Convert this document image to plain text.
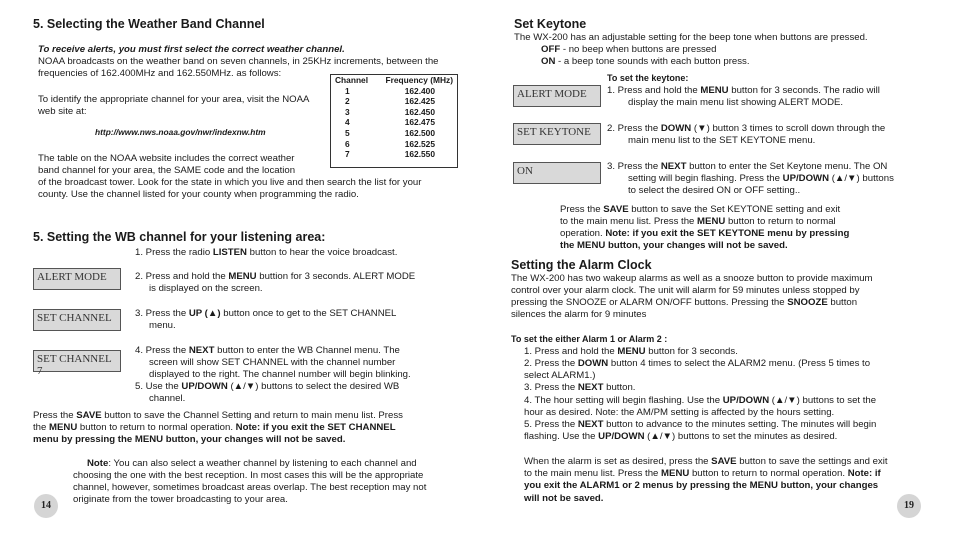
5. Selecting the Weather Band Channel
To receive alerts, you must first select the correct weather channel.
NOAA broadcasts on the weather band on seven channels, in 25KHz increments, between the
frequencies of 162.400MHz and 162.550MHz. as follows:
To identify the appropriate channel for your area, visit the NOAA
web site at:
http://www.nws.noaa.gov/nwr/indexnw.htm
The table on the NOAA website includes the correct weather
band channel for your area, the SAME code and the location
of the broadcast tower. Look for the state in which you live and then search the list for your
county. Use the channel listed for your county when programming the radio.
Channel	Frequency (MHz)
1	162.400
2	162.425
3	162.450
4	162.475
5	162.500
6	162.525
7	162.550
5. Setting the WB channel for your listening area:
1. Press the radio LISTEN button to hear the voice broadcast.
ALERT MODE	2. Press and hold the MENU buttion for 3 seconds. ALERT MODE
is displayed on the screen.
SET CHANNEL	3. Press the UP (▲) button once to get to the SET CHANNEL
menu.
SET CHANNEL 7
4. Press the NEXT button to enter the WB Channel menu. The
screen will show SET CHANNEL with the channel number
displayed to the right. The channel number will begin blinking.
5. Use the UP/DOWN (▲/▼) buttons to select the desired WB
channel.
Press the SAVE button to save the Channel Setting and return to main menu list. Press
the MENU button to return to normal operation. Note: if you exit the SET CHANNEL
menu by pressing the MENU button, your changes will not be saved.
Note: You can also select a weather channel by listening to each channel and
choosing the one with the best reception. In most cases this will be the appropriate
channel, however, sometimes broadcast areas overlap. The best reception may not
originate from the tower broadcasting to your area.
14
Set Keytone
The WX-200 has an adjustable setting for the beep tone when buttons are pressed.
OFF - no beep when buttons are pressed
ON - a beep tone sounds with each button press.
To set the keytone:
ALERT MODE	1. Press and hold the MENU button for 3 seconds. The radio will
display the main menu list showing ALERT MODE.
SET KEYTONE	2. Press the DOWN (▼) button 3 times to scroll down through the
main menu list to the SET KEYTONE menu.
ON	3. Press the NEXT button to enter the Set Keytone menu. The ON
setting will begin flashing. Press the UP/DOWN (▲/▼) buttons
to select the desired ON or OFF setting..
Press the SAVE button to save the Set KEYTONE setting and exit
to the main menu list. Press the MENU button to return to normal
operation. Note: if you exit the SET KEYTONE menu by pressing
the MENU button, your changes will not be saved.
Setting the Alarm Clock
The WX-200 has two wakeup alarms as well as a snooze button to provide maximum
control over your alarm clock. The unit will alarm for 59 minutes unless stopped by
pressing the SNOOZE or ALARM ON/OFF buttons. Pressing the SNOOZE button
silences the alarm for 9 minutes
To set the either Alarm 1 or Alarm 2 :
1. Press and hold the MENU button for 3 seconds.
2. Press the DOWN button 4 times to select the ALARM2 menu. (Press 5 times to
select ALARM1.)
3. Press the NEXT button.
4. The hour setting will begin flashing. Use the UP/DOWN (▲/▼) buttons to set the
hour as desired. Note: the AM/PM setting is affected by the hours setting.
5. Press the NEXT button to advance to the minutes setting. The minutes will begin
flashing. Use the UP/DOWN (▲/▼) buttons to set the minutes as desired.
When the alarm is set as desired, press the SAVE button to save the settings and exit
to the main menu list. Press the MENU button to return to normal operation. Note: if
you exit the ALARM1 or 2 menus by pressing the MENU button, your changes
will not be saved.
19
